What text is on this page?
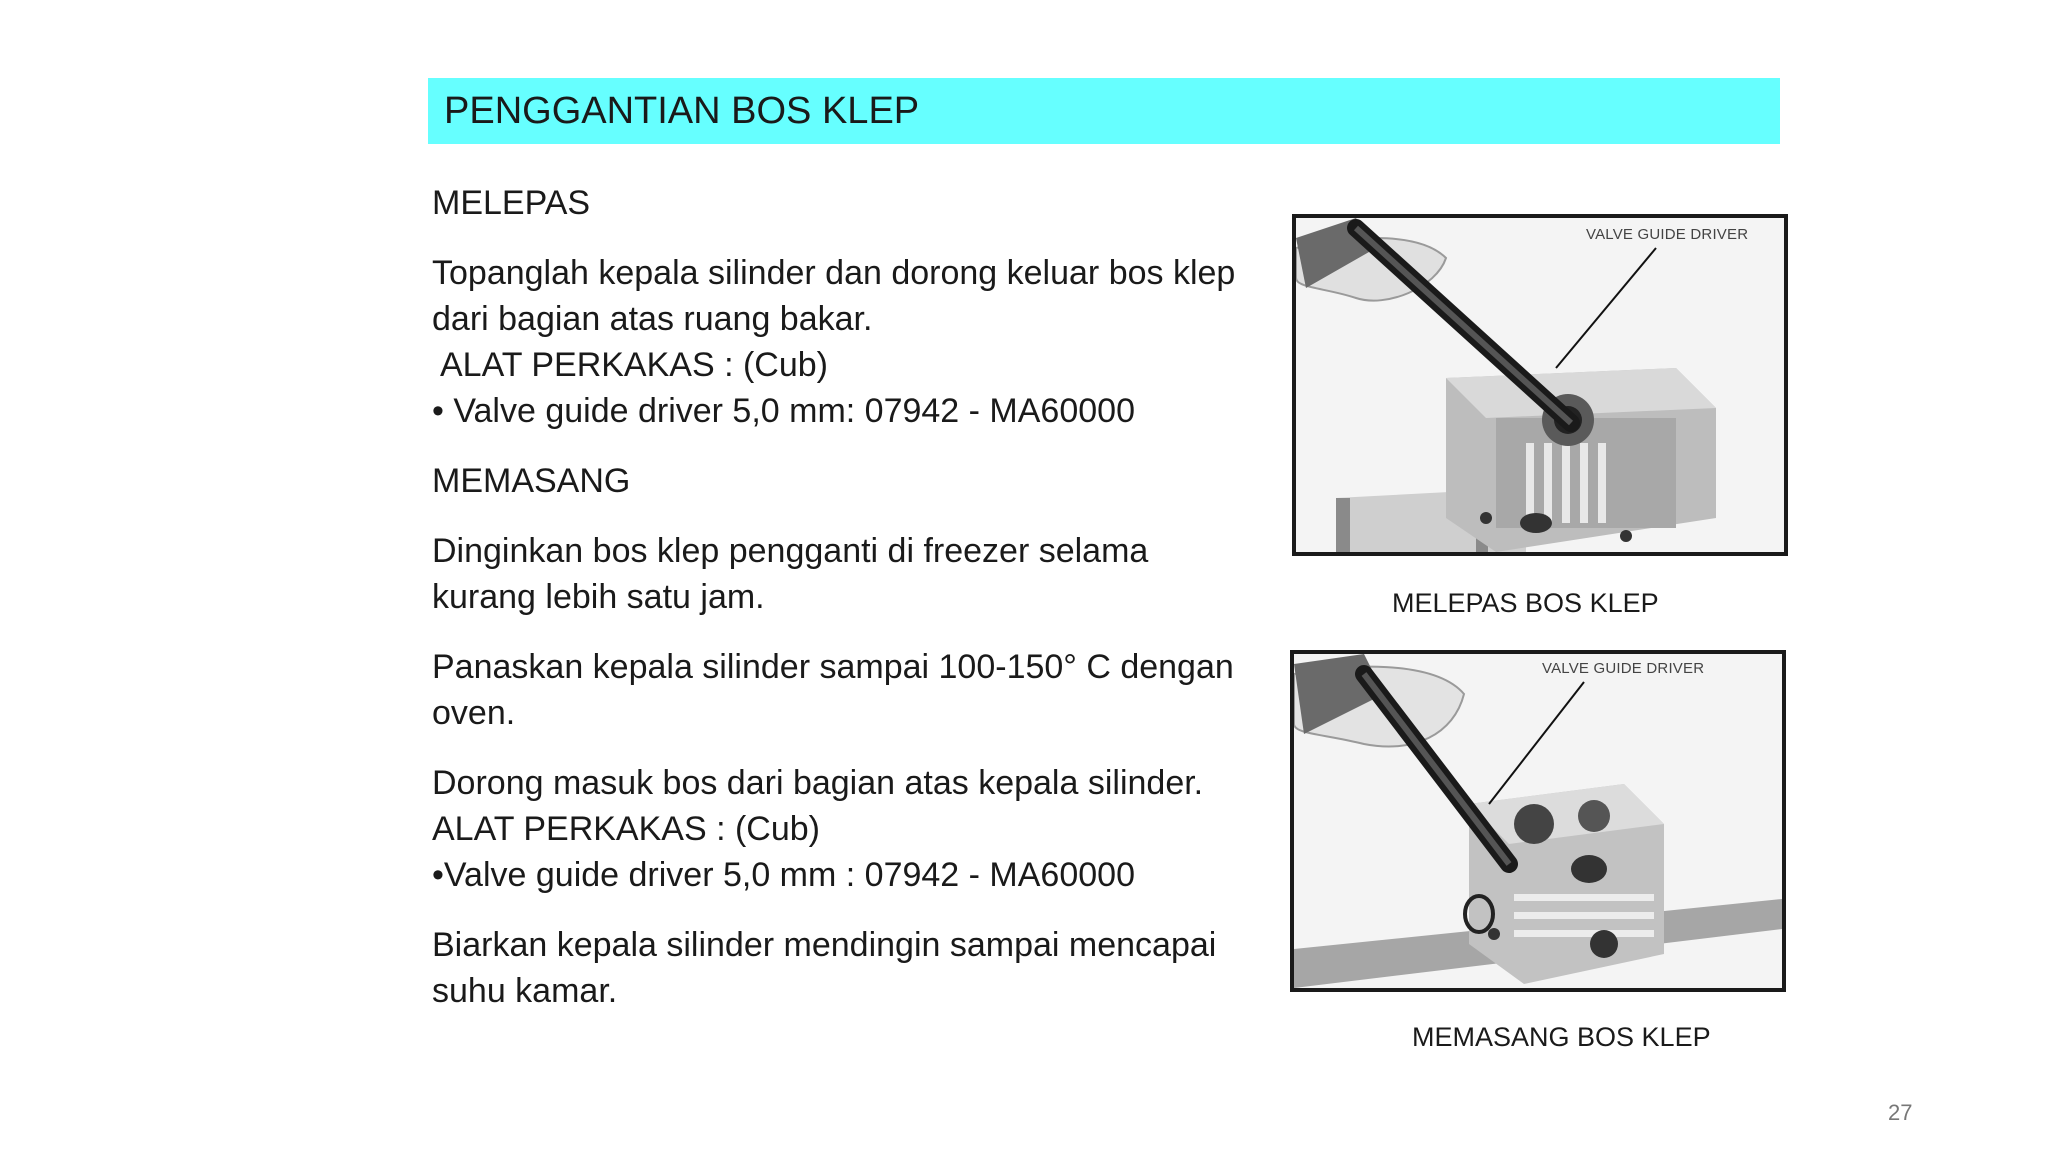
PENGGANTIAN BOS KLEP

MELEPAS

Topanglah kepala silinder dan dorong keluar bos klep
dari bagian atas ruang bakar.
ALAT PERKAKAS : (Cub)
• Valve guide driver 5,0 mm: 07942 - MA60000

MEMASANG

Dinginkan bos klep pengganti di freezer selama
kurang lebih satu jam.

Panaskan kepala silinder sampai 100-150° C dengan
oven.

Dorong masuk bos dari bagian atas kepala silinder.
ALAT PERKAKAS : (Cub)
•Valve guide driver 5,0 mm : 07942 - MA60000

Biarkan kepala silinder mendingin sampai mencapai
suhu kamar.

VALVE GUIDE DRIVER
MELEPAS BOS KLEP
VALVE GUIDE DRIVER
MEMASANG BOS KLEP
27
